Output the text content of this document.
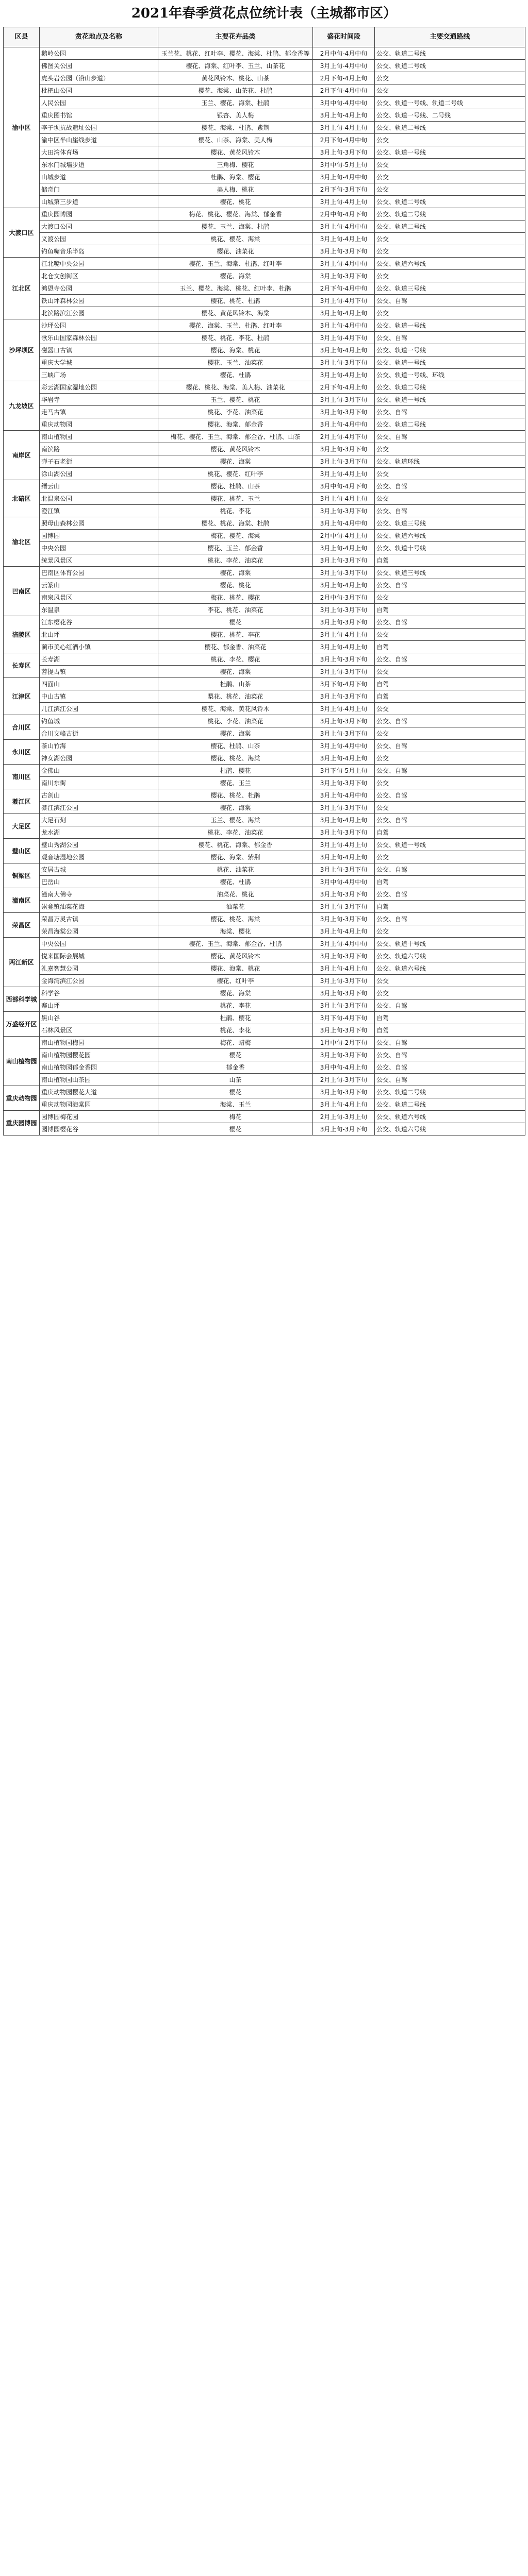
2021年春季赏花点位统计表（主城都市区）
区县	赏花地点及名称	主要花卉品类	盛花时间段	主要交通路线
渝中区	鹅岭公园	玉兰花、桃花、红叶李、樱花、海棠、杜鹃、郁金香等	2月中旬-4月中旬	公交、轨道二号线
	佛图关公园	樱花、海棠、红叶李、玉兰、山茶花	3月上旬-4月中旬	公交、轨道二号线
	虎头岩公园（沿山步道）	黄花风铃木、桃花、山茶	2月下旬-4月上旬	公交
	枇杷山公园	樱花、海棠、山茶花、杜鹃	2月下旬-4月中旬	公交
	人民公园	玉兰、樱花、海棠、杜鹃	3月中旬-4月中旬	公交、轨道一号线、轨道二号线
	重庆图书馆	银杏、美人梅	3月上旬-4月上旬	公交、轨道一号线、二号线
	李子坝抗战遗址公园	樱花、海棠、杜鹃、紫荆	3月上旬-4月上旬	公交、轨道二号线
	渝中区半山崖线步道	樱花、山茶、海棠、美人梅	2月下旬-4月中旬	公交
	大田湾体育场	樱花、黄花风铃木	3月上旬-3月下旬	公交、轨道一号线
	东水门城墙步道	三角梅、樱花	3月中旬-5月上旬	公交
	山城步道	杜鹃、海棠、樱花	3月上旬-4月中旬	公交
	储奇门	美人梅、桃花	2月下旬-3月下旬	公交
	山城第三步道	樱花、桃花	3月上旬-4月上旬	公交、轨道二号线
大渡口区	重庆园博园	梅花、桃花、樱花、海棠、郁金香	2月中旬-4月下旬	公交、轨道二号线
	大渡口公园	樱花、玉兰、海棠、杜鹃	3月上旬-4月中旬	公交、轨道二号线
	义渡公园	桃花、樱花、海棠	3月上旬-4月上旬	公交
	钓鱼嘴音乐半岛	樱花、油菜花	3月上旬-3月下旬	公交
江北区	江北嘴中央公园	樱花、玉兰、海棠、杜鹃、红叶李	3月上旬-4月中旬	公交、轨道六号线
	北仓文创街区	樱花、海棠	3月上旬-3月下旬	公交
	鸿恩寺公园	玉兰、樱花、海棠、桃花、红叶李、杜鹃	2月下旬-4月中旬	公交、轨道三号线
	铁山坪森林公园	樱花、桃花、杜鹃	3月上旬-4月下旬	公交、自驾
	北滨路滨江公园	樱花、黄花风铃木、海棠	3月上旬-4月上旬	公交
沙坪坝区	沙坪公园	樱花、海棠、玉兰、杜鹃、红叶李	3月上旬-4月中旬	公交、轨道一号线
	歌乐山国家森林公园	樱花、桃花、李花、杜鹃	3月上旬-4月下旬	公交、自驾
	磁器口古镇	樱花、海棠、桃花	3月上旬-4月上旬	公交、轨道一号线
	重庆大学城	樱花、玉兰、油菜花	3月上旬-3月下旬	公交、轨道一号线
	三峡广场	樱花、杜鹃	3月上旬-4月上旬	公交、轨道一号线、环线
九龙坡区	彩云湖国家湿地公园	樱花、桃花、海棠、美人梅、油菜花	2月下旬-4月上旬	公交、轨道二号线
	华岩寺	玉兰、樱花、桃花	3月上旬-3月下旬	公交、轨道一号线
	走马古镇	桃花、李花、油菜花	3月上旬-3月下旬	公交、自驾
	重庆动物园	樱花、海棠、郁金香	3月上旬-4月中旬	公交、轨道二号线
南岸区	南山植物园	梅花、樱花、玉兰、海棠、郁金香、杜鹃、山茶	2月上旬-4月下旬	公交、自驾
	南滨路	樱花、黄花风铃木	3月上旬-3月下旬	公交
	弹子石老街	樱花、海棠	3月上旬-3月下旬	公交、轨道环线
	涂山湖公园	桃花、樱花、红叶李	3月上旬-4月上旬	公交
北碚区	缙云山	樱花、杜鹃、山茶	3月中旬-4月下旬	公交、自驾
	北温泉公园	樱花、桃花、玉兰	3月上旬-4月上旬	公交
	澄江镇	桃花、李花	3月上旬-3月下旬	公交、自驾
渝北区	照母山森林公园	樱花、桃花、海棠、杜鹃	3月上旬-4月中旬	公交、轨道三号线
	园博园	梅花、樱花、海棠	2月中旬-4月上旬	公交、轨道六号线
	中央公园	樱花、玉兰、郁金香	3月上旬-4月上旬	公交、轨道十号线
	统景风景区	桃花、李花、油菜花	3月上旬-3月下旬	自驾
巴南区	巴南区体育公园	樱花、海棠	3月上旬-3月下旬	公交、轨道三号线
	云篆山	樱花、桃花	3月上旬-4月上旬	公交、自驾
	南泉风景区	梅花、桃花、樱花	2月中旬-3月下旬	公交
	东温泉	李花、桃花、油菜花	3月上旬-3月下旬	自驾
涪陵区	江东樱花谷	樱花	3月上旬-3月下旬	公交、自驾
	北山坪	樱花、桃花、李花	3月上旬-4月上旬	公交
	蔺市美心红酒小镇	樱花、郁金香、油菜花	3月上旬-4月上旬	自驾
长寿区	长寿湖	桃花、李花、樱花	3月上旬-3月下旬	公交、自驾
	菩提古镇	樱花、海棠	3月上旬-3月下旬	公交
江津区	四面山	杜鹃、山茶	3月下旬-4月下旬	自驾
	中山古镇	梨花、桃花、油菜花	3月上旬-3月下旬	自驾
	几江滨江公园	樱花、海棠、黄花风铃木	3月上旬-4月上旬	公交
合川区	钓鱼城	桃花、李花、油菜花	3月上旬-3月下旬	公交、自驾
	合川文峰古街	樱花、海棠	3月上旬-3月下旬	公交
永川区	茶山竹海	樱花、杜鹃、山茶	3月上旬-4月中旬	公交、自驾
	神女湖公园	樱花、桃花、海棠	3月上旬-4月上旬	公交
南川区	金佛山	杜鹃、樱花	3月下旬-5月上旬	公交、自驾
	南川东街	樱花、玉兰	3月上旬-3月下旬	公交
綦江区	古剑山	樱花、桃花、杜鹃	3月上旬-4月中旬	公交、自驾
	綦江滨江公园	樱花、海棠	3月上旬-3月下旬	公交
大足区	大足石刻	玉兰、樱花、海棠	3月上旬-4月上旬	公交、自驾
	龙水湖	桃花、李花、油菜花	3月上旬-3月下旬	自驾
璧山区	璧山秀湖公园	樱花、桃花、海棠、郁金香	3月上旬-4月上旬	公交、轨道一号线
	观音塘湿地公园	樱花、海棠、紫荆	3月上旬-4月上旬	公交
铜梁区	安居古城	桃花、油菜花	3月上旬-3月下旬	公交、自驾
	巴岳山	樱花、杜鹃	3月中旬-4月中旬	自驾
潼南区	潼南大佛寺	油菜花、桃花	3月上旬-3月下旬	公交、自驾
	崇龛镇油菜花海	油菜花	3月上旬-3月下旬	自驾
荣昌区	荣昌万灵古镇	樱花、桃花、海棠	3月上旬-3月下旬	公交、自驾
	荣昌海棠公园	海棠、樱花	3月上旬-4月上旬	公交
两江新区	中央公园	樱花、玉兰、海棠、郁金香、杜鹃	3月上旬-4月中旬	公交、轨道十号线
	悦来国际会展城	樱花、黄花风铃木	3月上旬-3月下旬	公交、轨道六号线
	礼嘉智慧公园	樱花、海棠、桃花	3月上旬-4月上旬	公交、轨道六号线
	金海湾滨江公园	樱花、红叶李	3月上旬-3月下旬	公交
西部科学城	科学谷	樱花、海棠	3月上旬-3月下旬	公交
	寨山坪	桃花、李花	3月上旬-3月下旬	公交、自驾
万盛经开区	黑山谷	杜鹃、樱花	3月下旬-4月下旬	自驾
	石林风景区	桃花、李花	3月上旬-3月下旬	自驾
南山植物园	南山植物园梅园	梅花、蜡梅	1月中旬-2月下旬	公交、自驾
	南山植物园樱花园	樱花	3月上旬-3月下旬	公交、自驾
	南山植物园郁金香园	郁金香	3月中旬-4月上旬	公交、自驾
	南山植物园山茶园	山茶	2月上旬-3月下旬	公交、自驾
重庆动物园	重庆动物园樱花大道	樱花	3月上旬-3月下旬	公交、轨道二号线
	重庆动物园海棠园	海棠、玉兰	3月上旬-4月上旬	公交、轨道二号线
重庆园博园	园博园梅花园	梅花	2月上旬-3月上旬	公交、轨道六号线
	园博园樱花谷	樱花	3月上旬-3月下旬	公交、轨道六号线
